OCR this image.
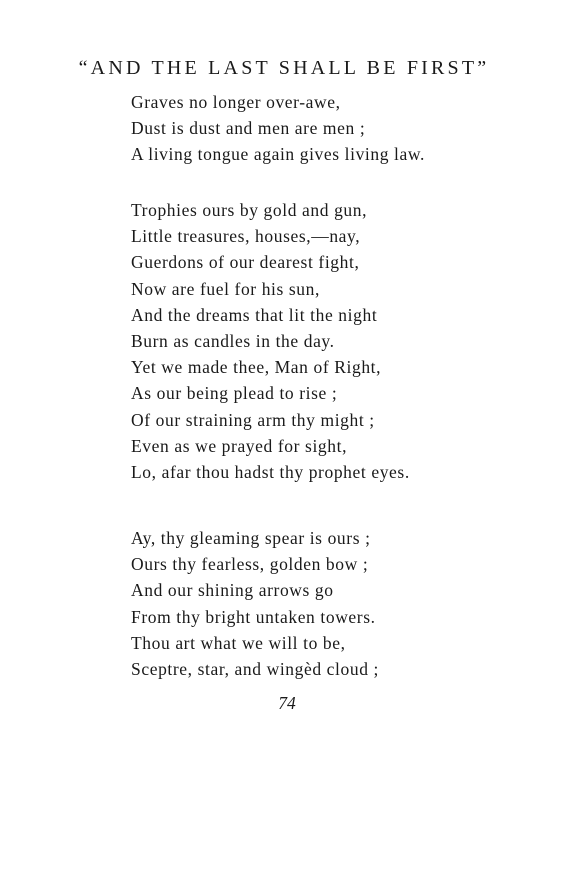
“AND THE LAST SHALL BE FIRST”
Graves no longer over-awe,
Dust is dust and men are men ;
A living tongue again gives living law.
Trophies ours by gold and gun,
Little treasures, houses,—nay,
Guerdons of our dearest fight,
Now are fuel for his sun,
And the dreams that lit the night
Burn as candles in the day.
Yet we made thee, Man of Right,
As our being plead to rise ;
Of our straining arm thy might ;
Even as we prayed for sight,
Lo, afar thou hadst thy prophet eyes.
Ay, thy gleaming spear is ours ;
Ours thy fearless, golden bow ;
And our shining arrows go
From thy bright untaken towers.
Thou art what we will to be,
Sceptre, star, and wingèd cloud ;
74
